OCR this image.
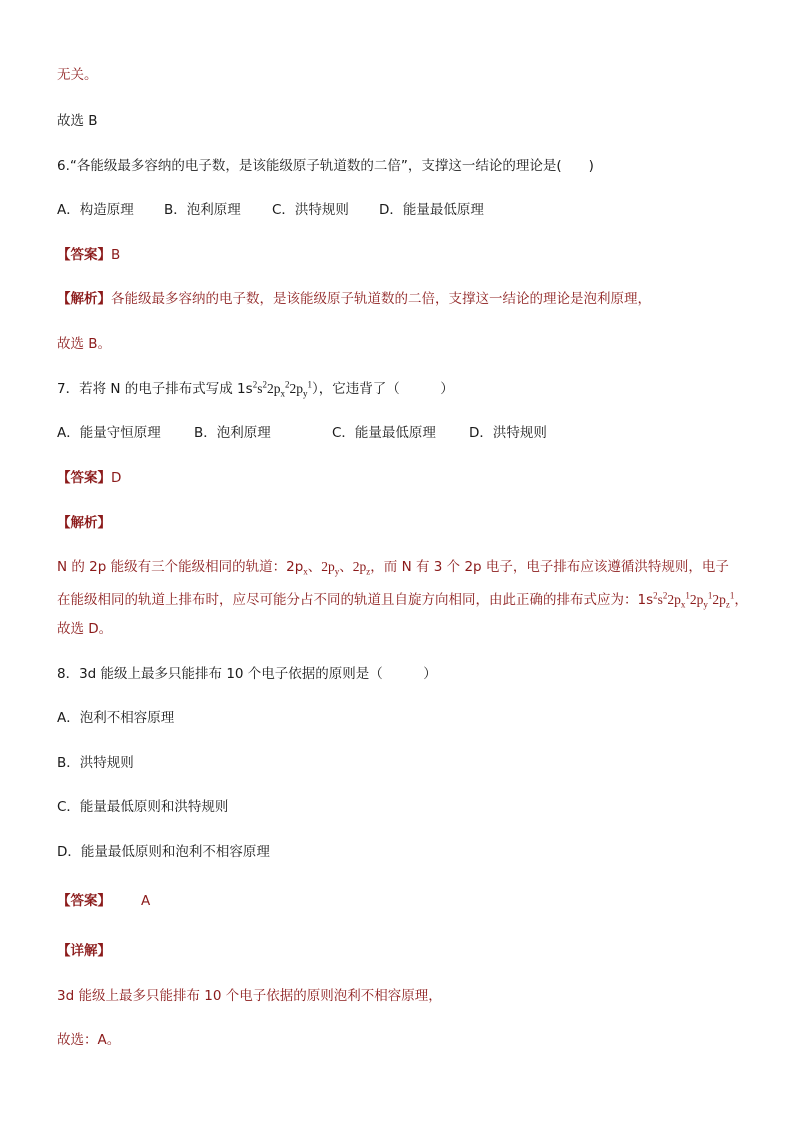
无关。
故选 B
6.“各能级最多容纳的电子数，是该能级原子轨道数的二倍”，支撑这一结论的理论是(　　)
A．构造原理 B．泡利原理 C．洪特规则 D．能量最低原理
【答案】B
【解析】各能级最多容纳的电子数，是该能级原子轨道数的二倍，支撑这一结论的理论是泡利原理，
故选 B。
7．若将 N 的电子排布式写成 $1s^2s^22p_x^22p_y^1$），它违背了（　　　）
A．能量守恒原理 B．泡利原理	C．能量最低原理 D．洪特规则
【答案】D
【解析】
N 的 2p 能级有三个能级相同的轨道：$2p_x$、$2p_y$、$2p_z$，而 N 有 3 个 2p 电子，电子排布应该遵循洪特规则，电子
在能级相同的轨道上排布时，应尽可能分占不同的轨道且自旋方向相同，由此正确的排布式应为：$1s^2s^22p_x^12p_y^12p_z^1$，
故选 D。
8．3d 能级上最多只能排布 10 个电子依据的原则是（　　　）
A．泡利不相容原理
B．洪特规则
C．能量最低原则和洪特规则
D．能量最低原则和泡利不相容原理
【答案】 A
【详解】
3d 能级上最多只能排布 10 个电子依据的原则泡利不相容原理，
故选：A。
